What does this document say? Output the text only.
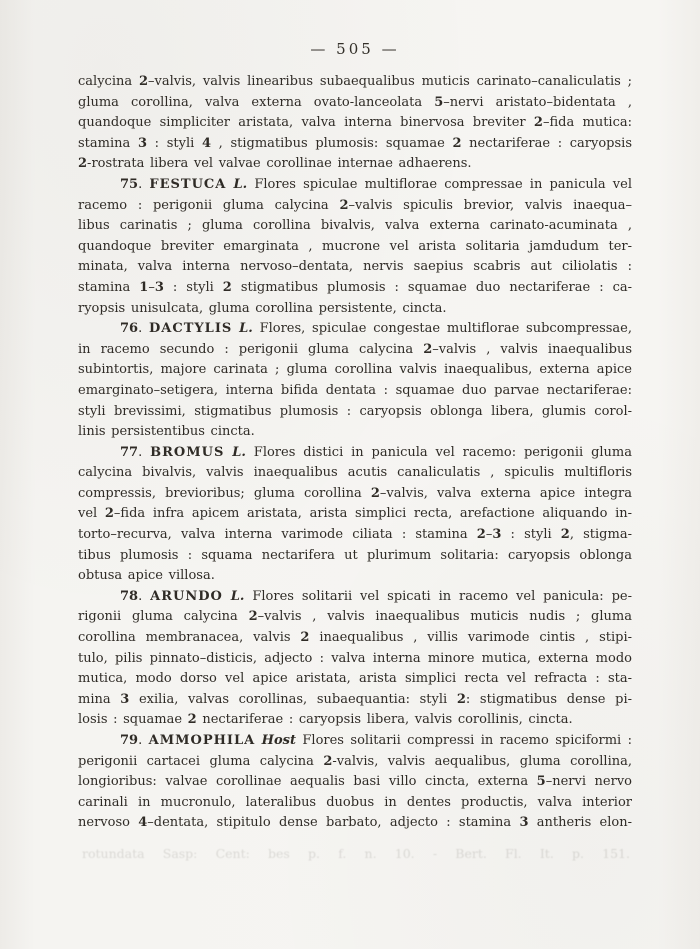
— 505 —
calycina 2–valvis, valvis linearibus subaequalibus muticis carinato–canaliculatis ;
gluma corollina, valva externa ovato-lanceolata 5–nervi aristato–bidentata ,
quandoque simpliciter aristata, valva interna binervosa breviter 2–fida mutica:
stamina 3 : styli 4 , stigmatibus plumosis: squamae 2 nectariferae : caryopsis
2-rostrata libera vel valvae corollinae internae adhaerens.
75. FESTUCA L. Flores spiculae multiflorae compressae in panicula vel
racemo : perigonii gluma calycina 2–valvis spiculis brevior, valvis inaequa–
libus carinatis ; gluma corollina bivalvis, valva externa carinato-acuminata ,
quandoque breviter emarginata , mucrone vel arista solitaria jamdudum ter-
minata, valva interna nervoso–dentata, nervis saepius scabris aut ciliolatis :
stamina 1–3 : styli 2 stigmatibus plumosis : squamae duo nectariferae : ca-
ryopsis unisulcata, gluma corollina persistente, cincta.
76. DACTYLIS L. Flores, spiculae congestae multiflorae subcompressae,
in racemo secundo : perigonii gluma calycina 2–valvis , valvis inaequalibus
subintortis, majore carinata ; gluma corollina valvis inaequalibus, externa apice
emarginato–setigera, interna bifida dentata : squamae duo parvae nectariferae:
styli brevissimi, stigmatibus plumosis : caryopsis oblonga libera, glumis corol-
linis persistentibus cincta.
77. BROMUS L. Flores distici in panicula vel racemo: perigonii gluma
calycina bivalvis, valvis inaequalibus acutis canaliculatis , spiculis multifloris
compressis, brevioribus; gluma corollina 2–valvis, valva externa apice integra
vel 2–fida infra apicem aristata, arista simplici recta, arefactione aliquando in-
torto–recurva, valva interna varimode ciliata : stamina 2–3 : styli 2, stigma-
tibus plumosis : squama nectarifera ut plurimum solitaria: caryopsis oblonga
obtusa apice villosa.
78. ARUNDO L. Flores solitarii vel spicati in racemo vel panicula: pe-
rigonii gluma calycina 2–valvis , valvis inaequalibus muticis nudis ; gluma
corollina membranacea, valvis 2 inaequalibus , villis varimode cintis , stipi-
tulo, pilis pinnato–disticis, adjecto : valva interna minore mutica, externa modo
mutica, modo dorso vel apice aristata, arista simplici recta vel refracta : sta-
mina 3 exilia, valvas corollinas, subaequantia: styli 2: stigmatibus dense pi-
losis : squamae 2 nectariferae : caryopsis libera, valvis corollinis, cincta.
79. AMMOPHILA Host Flores solitarii compressi in racemo spiciformi :
perigonii cartacei gluma calycina 2-valvis, valvis aequalibus, gluma corollina,
longioribus: valvae corollinae aequalis basi villo cincta, externa 5–nervi nervo
carinali in mucronulo, lateralibus duobus in dentes productis, valva interior
nervoso 4–dentata, stipitulo dense barbato, adjecto : stamina 3 antheris elon-
rotundata Sasp: Cent: bes p. f. n. 10. - Bert. Fl. It. p. 151.
